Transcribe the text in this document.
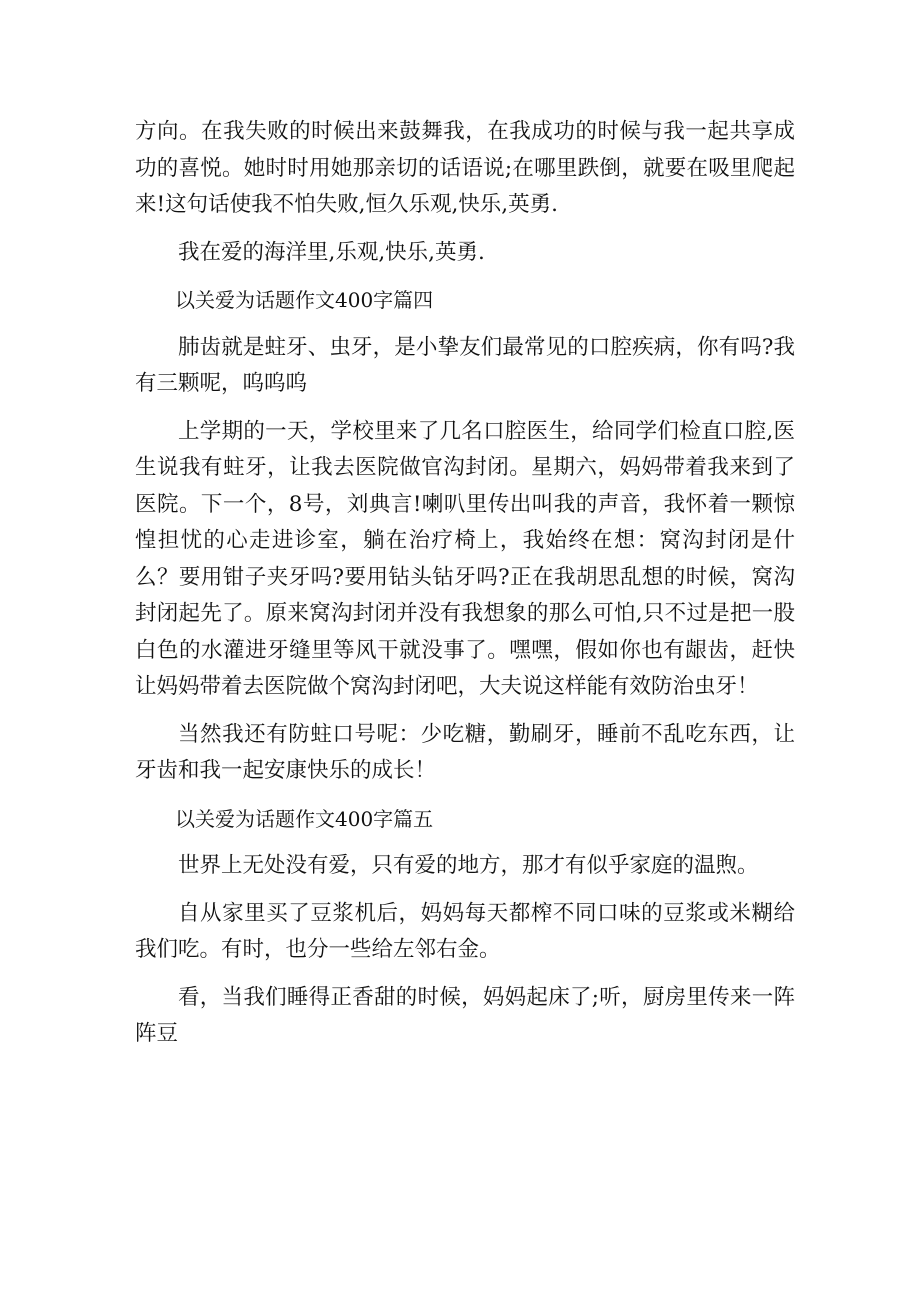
方向。在我失败的时候出来鼓舞我，在我成功的时候与我一起共享成功的喜悦。她时时用她那亲切的话语说;在哪里跌倒，就要在吸里爬起来!这句话使我不怕失败,恒久乐观,快乐,英勇.

我在爱的海洋里,乐观,快乐,英勇.

以关爱为话题作文400字篇四

肺齿就是蛀牙、虫牙，是小挚友们最常见的口腔疾病，你有吗?我有三颗呢，呜呜呜

上学期的一天，学校里来了几名口腔医生，给同学们检直口腔,医生说我有蛀牙，让我去医院做官沟封闭。星期六，妈妈带着我来到了医院。下一个，8号，刘典言!喇叭里传出叫我的声音，我怀着一颗惊惶担忧的心走进诊室，躺在治疗椅上，我始终在想：窝沟封闭是什么？要用钳子夹牙吗?要用钻头钻牙吗?正在我胡思乱想的时候，窝沟封闭起先了。原来窝沟封闭并没有我想象的那么可怕,只不过是把一股白色的水灌进牙缝里等风干就没事了。嘿嘿，假如你也有龈齿，赶快让妈妈带着去医院做个窝沟封闭吧，大夫说这样能有效防治虫牙！

当然我还有防蛀口号呢：少吃糖，勤刷牙，睡前不乱吃东西，让牙齿和我一起安康快乐的成长！

以关爱为话题作文400字篇五

世界上无处没有爱，只有爱的地方，那才有似乎家庭的温煦。

自从家里买了豆浆机后，妈妈每天都榨不同口味的豆浆或米糊给我们吃。有时，也分一些给左邻右金。

看，当我们睡得正香甜的时候，妈妈起床了;听，厨房里传来一阵阵豆
